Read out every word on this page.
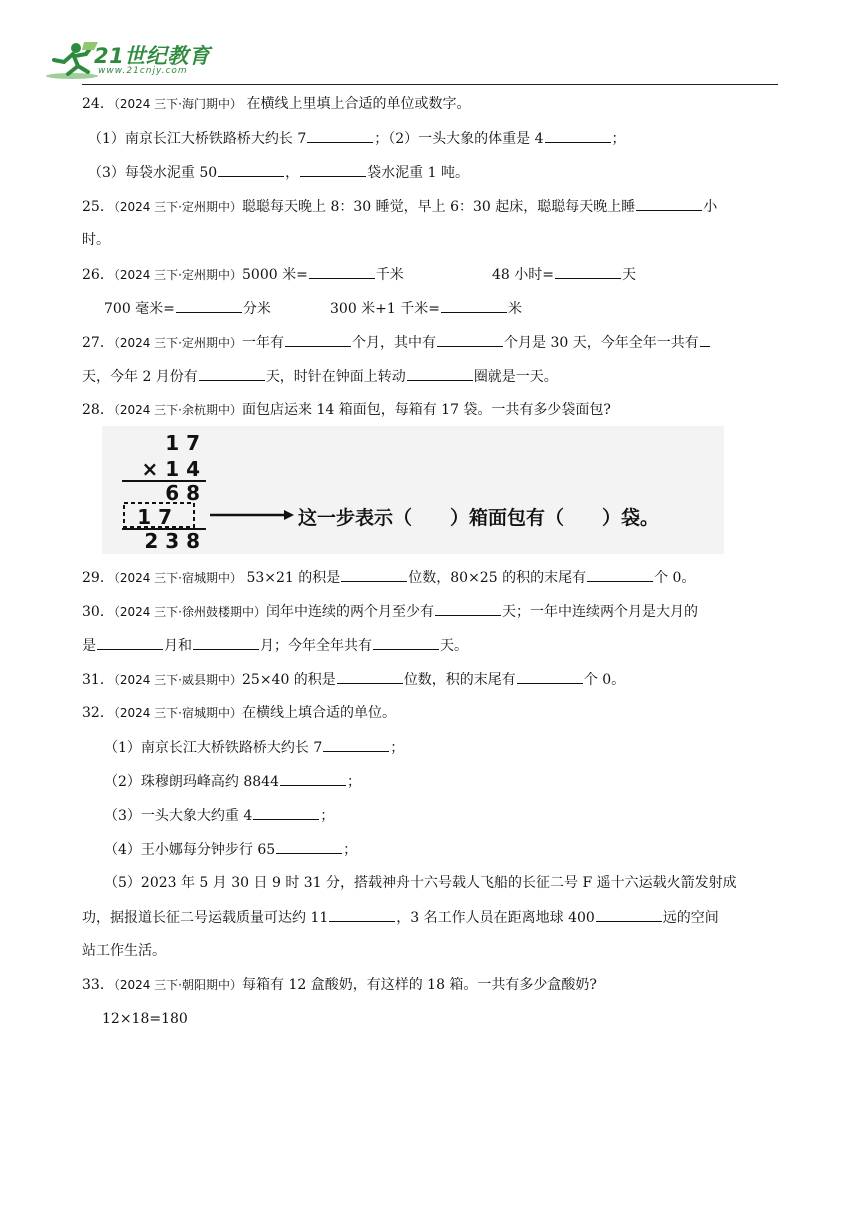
21世纪教育
www.21cnjy.com
24．（2024 三下·海门期中） 在横线上里填上合适的单位或数字。
（1）南京长江大桥铁路桥大约长 7	；（2）一头大象的体重是 4	；
（3）每袋水泥重 50	，	袋水泥重 1 吨。
25．（2024 三下·定州期中）聪聪每天晚上 8：30 睡觉，早上 6：30 起床，聪聪每天晚上睡	小
时。
26．（2024 三下·定州期中）5000 米=	千米	48 小时=	天
700 毫米=	分米	300 米+1 千米=	米
27．（2024 三下·定州期中）一年有	个月，其中有	个月是 30 天，今年全年一共有
天，今年 2 月份有	天，时针在钟面上转动	圈就是一天。
28．（2024 三下·余杭期中）面包店运来 14 箱面包，每箱有 17 袋。一共有多少袋面包?
1 7
× 1 4
6 8
1 7
2 3 8
这一步表示（　　）箱面包有（　　）袋。
29．（2024 三下·宿城期中） 53×21 的积是	位数，80×25 的积的末尾有	个 0。
30．（2024 三下·徐州鼓楼期中）闰年中连续的两个月至少有	天；一年中连续两个月是大月的
是	月和	月；今年全年共有	天。
31．（2024 三下·威县期中）25×40 的积是	位数，积的末尾有	个 0。
32．（2024 三下·宿城期中）在横线上填合适的单位。
（1）南京长江大桥铁路桥大约长 7	；
（2）珠穆朗玛峰高约 8844	；
（3）一头大象大约重 4	；
（4）王小娜每分钟步行 65	；
（5）2023 年 5 月 30 日 9 时 31 分，搭载神舟十六号载人飞船的长征二号 F 遥十六运载火箭发射成
功，据报道长征二号运载质量可达约 11	，3 名工作人员在距离地球 400	远的空间
站工作生活。
33．（2024 三下·朝阳期中）每箱有 12 盒酸奶，有这样的 18 箱。一共有多少盒酸奶?
12×18=180
